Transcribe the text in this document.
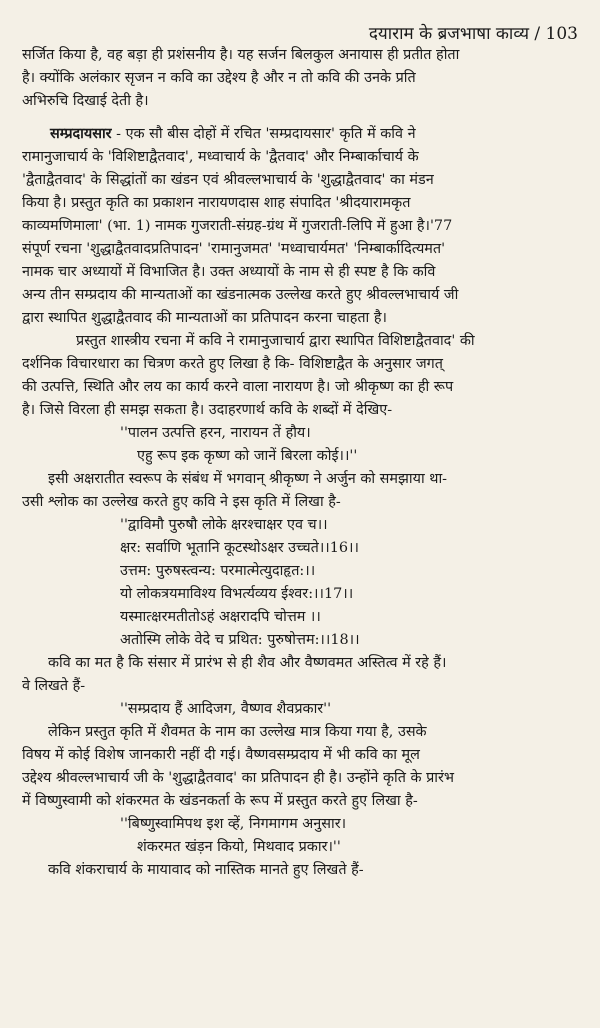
दयाराम के ब्रजभाषा काव्य / 103

सर्जित किया है, वह बड़ा ही प्रशंसनीय है। यह सर्जन बिलकुल अनायास ही प्रतीत होता
है। क्योंकि अलंकार सृजन न कवि का उद्देश्य है और न तो कवि की उनके प्रति
अभिरुचि दिखाई देती है।

सम्प्रदायसार - एक सौ बीस दोहों में रचित 'सम्प्रदायसार' कृति में कवि ने

रामानुजाचार्य के 'विशिष्टाद्वैतवाद', मध्वाचार्य के 'द्वैतवाद' और निम्बार्काचार्य के
'द्वैताद्वैतवाद' के सिद्धांतों का खंडन एवं श्रीवल्लभाचार्य के 'शुद्धाद्वैतवाद' का मंडन
किया है। प्रस्तुत कृति का प्रकाशन नारायणदास शाह संपादित 'श्रीदयारामकृत
काव्यमणिमाला' (भा. 1) नामक गुजराती-संग्रह-ग्रंथ में गुजराती-लिपि में हुआ है।'77
संपूर्ण रचना 'शुद्धाद्वैतवादप्रतिपादन' 'रामानुजमत' 'मध्वाचार्यमत' 'निम्बार्कादित्यमत'
नामक चार अध्यायों में विभाजित है। उक्त अध्यायों के नाम से ही स्पष्ट है कि कवि
अन्य तीन सम्प्रदाय की मान्यताओं का खंडनात्मक उल्लेख करते हुए श्रीवल्लभाचार्य जी
द्वारा स्थापित शुद्धाद्वैतवाद की मान्यताओं का प्रतिपादन करना चाहता है।

प्रस्तुत शास्त्रीय रचना में कवि ने रामानुजाचार्य द्वारा स्थापित विशिष्टाद्वैतवाद' की
दर्शनिक विचारधारा का चित्रण करते हुए लिखा है कि- विशिष्टाद्वैत के अनुसार जगत्
की उत्पत्ति, स्थिति और लय का कार्य करने वाला नारायण है। जो श्रीकृष्ण का ही रूप
है। जिसे विरला ही समझ सकता है। उदाहरणार्थ कवि के शब्दों में देखिए-

''पालन उत्पत्ति हरन, नारायन तें हौय।
एहु रूप इक कृष्ण को जानें बिरला कोई।।''

इसी अक्षरातीत स्वरूप के संबंध में भगवान् श्रीकृष्ण ने अर्जुन को समझाया था-
उसी श्लोक का उल्लेख करते हुए कवि ने इस कृति में लिखा है-

''द्वाविमौ पुरुषौ लोके क्षरश्चाक्षर एव च।।
क्षर: सर्वाणि भूतानि कूटस्थोऽक्षर उच्चते।।16।।
उत्तम: पुरुषस्त्वन्य: परमात्मेत्युदाहृत:।।
यो लोकत्रयमाविश्य विभर्त्यव्यय ईश्वर:।।17।।
यस्मात्क्षरमतीतोऽहं अक्षरादपि चोत्तम ।।
अतोस्मि लोके वेदे च प्रथित: पुरुषोत्तम:।।18।।

कवि का मत है कि संसार में प्रारंभ से ही शैव और वैष्णवमत अस्तित्व में रहे हैं।
वे लिखते हैं-

''सम्प्रदाय हैं आदिजग, वैष्णव शैवप्रकार''

लेकिन प्रस्तुत कृति में शैवमत के नाम का उल्लेख मात्र किया गया है, उसके
विषय में कोई विशेष जानकारी नहीं दी गई। वैष्णवसम्प्रदाय में भी कवि का मूल
उद्देश्य श्रीवल्लभाचार्य जी के 'शुद्धाद्वैतवाद' का प्रतिपादन ही है। उन्होंने कृति के प्रारंभ
में विष्णुस्वामी को शंकरमत के खंडनकर्ता के रूप में प्रस्तुत करते हुए लिखा है-

''बिष्णुस्वामिपथ इश व्हें, निगमागम अनुसार।
शंकरमत खंड़न कियो, मिथवाद प्रकार।''

कवि शंकराचार्य के मायावाद को नास्तिक मानते हुए लिखते हैं-
